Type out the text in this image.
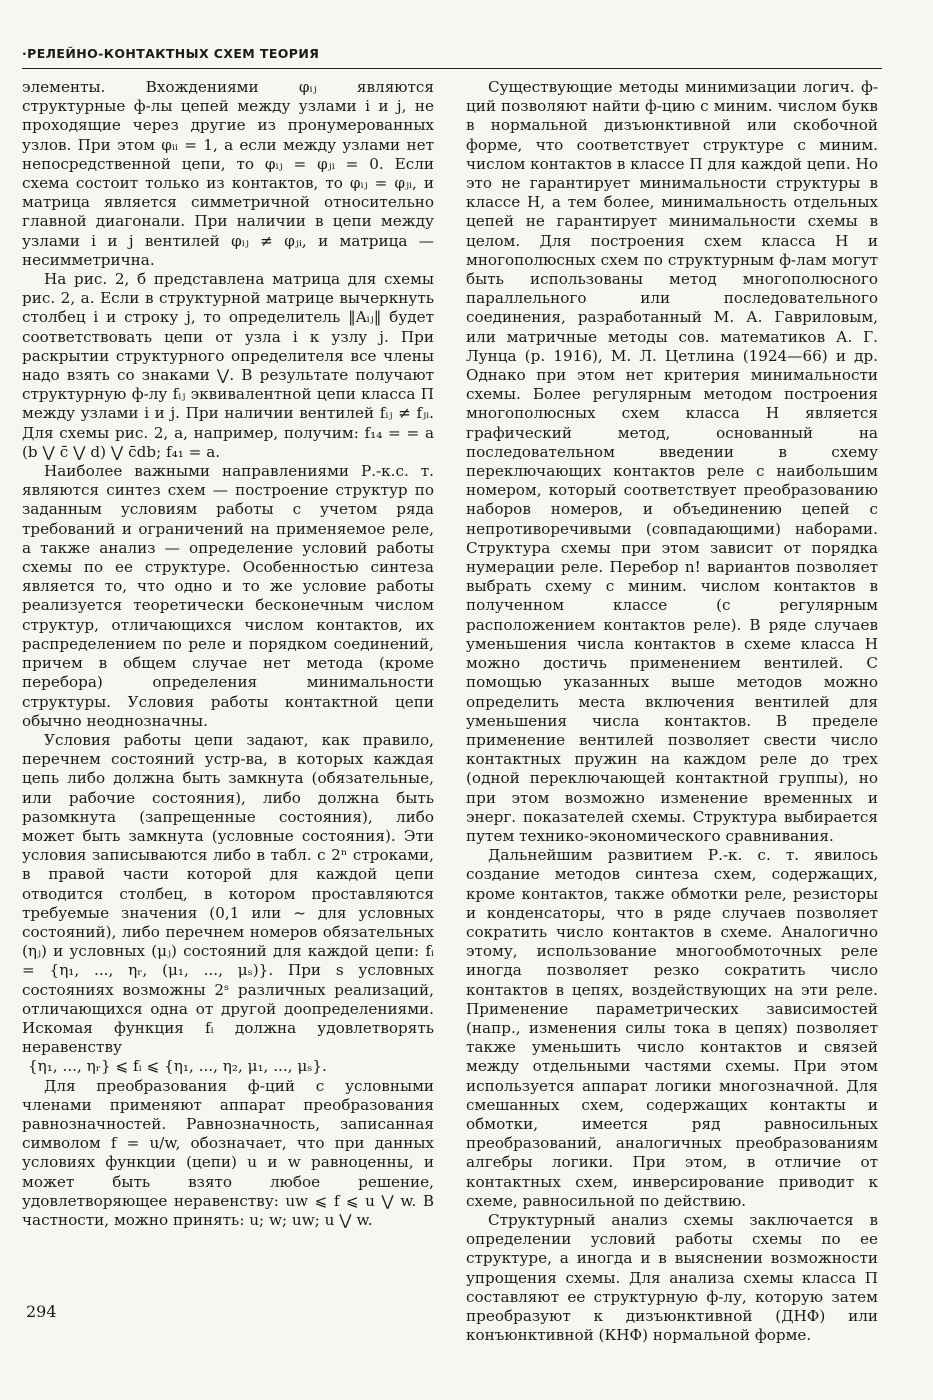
·РЕЛЕЙНО-КОНТАКТНЫХ СХЕМ ТЕОРИЯ

элементы. Вхождениями φᵢⱼ являются структурные ф-лы цепей между узлами i и j, не проходящие через другие из пронумерованных узлов. При этом φᵢᵢ = 1, а если между узлами нет непосредственной цепи, то φᵢⱼ = φⱼᵢ = 0. Если схема состоит только из контактов, то φᵢⱼ = φⱼᵢ, и матрица является симметричной относительно главной диагонали. При наличии в цепи между узлами i и j вентилей φᵢⱼ ≠ φⱼᵢ, и матрица — несимметрична.

На рис. 2, б представлена матрица для схемы рис. 2, а. Если в структурной матрице вычеркнуть столбец i и строку j, то определитель ‖Aᵢⱼ‖ будет соответствовать цепи от узла i к узлу j. При раскрытии структурного определителя все члены надо взять со знаками ⋁. В результате получают структурную ф-лу fᵢⱼ эквивалентной цепи класса П между узлами i и j. При наличии вентилей fᵢⱼ ≠ fⱼᵢ. Для схемы рис. 2, а, например, получим: f₁₄ = = a (b ⋁ c̄ ⋁ d) ⋁ c̄db; f₄₁ = a.

Наиболее важными направлениями Р.-к.с. т. являются синтез схем — построение структур по заданным условиям работы с учетом ряда требований и ограничений на применяемое реле, а также анализ — определение условий работы схемы по ее структуре. Особенностью синтеза является то, что одно и то же условие работы реализуется теоретически бесконечным числом структур, отличающихся числом контактов, их распределением по реле и порядком соединений, причем в общем случае нет метода (кроме перебора) определения минимальности структуры. Условия работы контактной цепи обычно неоднозначны.

Условия работы цепи задают, как правило, перечнем состояний устр-ва, в которых каждая цепь либо должна быть замкнута (обязательные, или рабочие состояния), либо должна быть разомкнута (запрещенные состояния), либо может быть замкнута (условные состояния). Эти условия записываются либо в табл. с 2ⁿ строками, в правой части которой для каждой цепи отводится столбец, в котором проставляются требуемые значения (0,1 или ~ для условных состояний), либо перечнем номеров обязательных (ηⱼ) и условных (μⱼ) состояний для каждой цепи: fᵢ = {η₁, ..., ηᵣ, (μ₁, ..., μₛ)}. При s условных состояниях возможны 2ˢ различных реализаций, отличающихся одна от другой доопределениями. Искомая функция fᵢ должна удовлетворять неравенству

{η₁, ..., ηᵣ} ⩽ fᵢ ⩽ {η₁, ..., η₂, μ₁, ..., μₛ}.

Для преобразования ф-ций с условными членами применяют аппарат преобразования равнозначностей. Равнозначность, записанная символом f = u/w, обозначает, что при данных условиях функции (цепи) u и w равноценны, и может быть взято любое решение, удовлетворяющее неравенству: uw ⩽ f ⩽ u ⋁ w. В частности, можно принять: u; w; uw; u ⋁ w.

Существующие методы минимизации логич. ф-ций позволяют найти ф-цию с миним. числом букв в нормальной дизъюнктивной или скобочной форме, что соответствует структуре с миним. числом контактов в классе П для каждой цепи. Но это не гарантирует минимальности структуры в классе Н, а тем более, минимальность отдельных цепей не гарантирует минимальности схемы в целом. Для построения схем класса Н и многополюсных схем по структурным ф-лам могут быть использованы метод многополюсного параллельного или последовательного соединения, разработанный М. А. Гавриловым, или матричные методы сов. математиков А. Г. Лунца (р. 1916), М. Л. Цетлина (1924—66) и др. Однако при этом нет критерия минимальности схемы. Более регулярным методом построения многополюсных схем класса Н является графический метод, основанный на последовательном введении в схему переключающих контактов реле с наибольшим номером, который соответствует преобразованию наборов номеров, и объединению цепей с непротиворечивыми (совпадающими) наборами. Структура схемы при этом зависит от порядка нумерации реле. Перебор n! вариантов позволяет выбрать схему с миним. числом контактов в полученном классе (с регулярным расположением контактов реле). В ряде случаев уменьшения числа контактов в схеме класса Н можно достичь применением вентилей. С помощью указанных выше методов можно определить места включения вентилей для уменьшения числа контактов. В пределе применение вентилей позволяет свести число контактных пружин на каждом реле до трех (одной переключающей контактной группы), но при этом возможно изменение временных и энерг. показателей схемы. Структура выбирается путем технико-экономического сравнивания.

Дальнейшим развитием Р.-к. с. т. явилось создание методов синтеза схем, содержащих, кроме контактов, также обмотки реле, резисторы и конденсаторы, что в ряде случаев позволяет сократить число контактов в схеме. Аналогично этому, использование многообмоточных реле иногда позволяет резко сократить число контактов в цепях, воздействующих на эти реле. Применение параметрических зависимостей (напр., изменения силы тока в цепях) позволяет также уменьшить число контактов и связей между отдельными частями схемы. При этом используется аппарат логики многозначной. Для смешанных схем, содержащих контакты и обмотки, имеется ряд равносильных преобразований, аналогичных преобразованиям алгебры логики. При этом, в отличие от контактных схем, инверсирование приводит к схеме, равносильной по действию.

Структурный анализ схемы заключается в определении условий работы схемы по ее структуре, а иногда и в выяснении возможности упрощения схемы. Для анализа схемы класса П составляют ее структурную ф-лу, которую затем преобразуют к дизъюнктивной (ДНФ) или конъюнктивной (КНФ) нормальной форме.

294
